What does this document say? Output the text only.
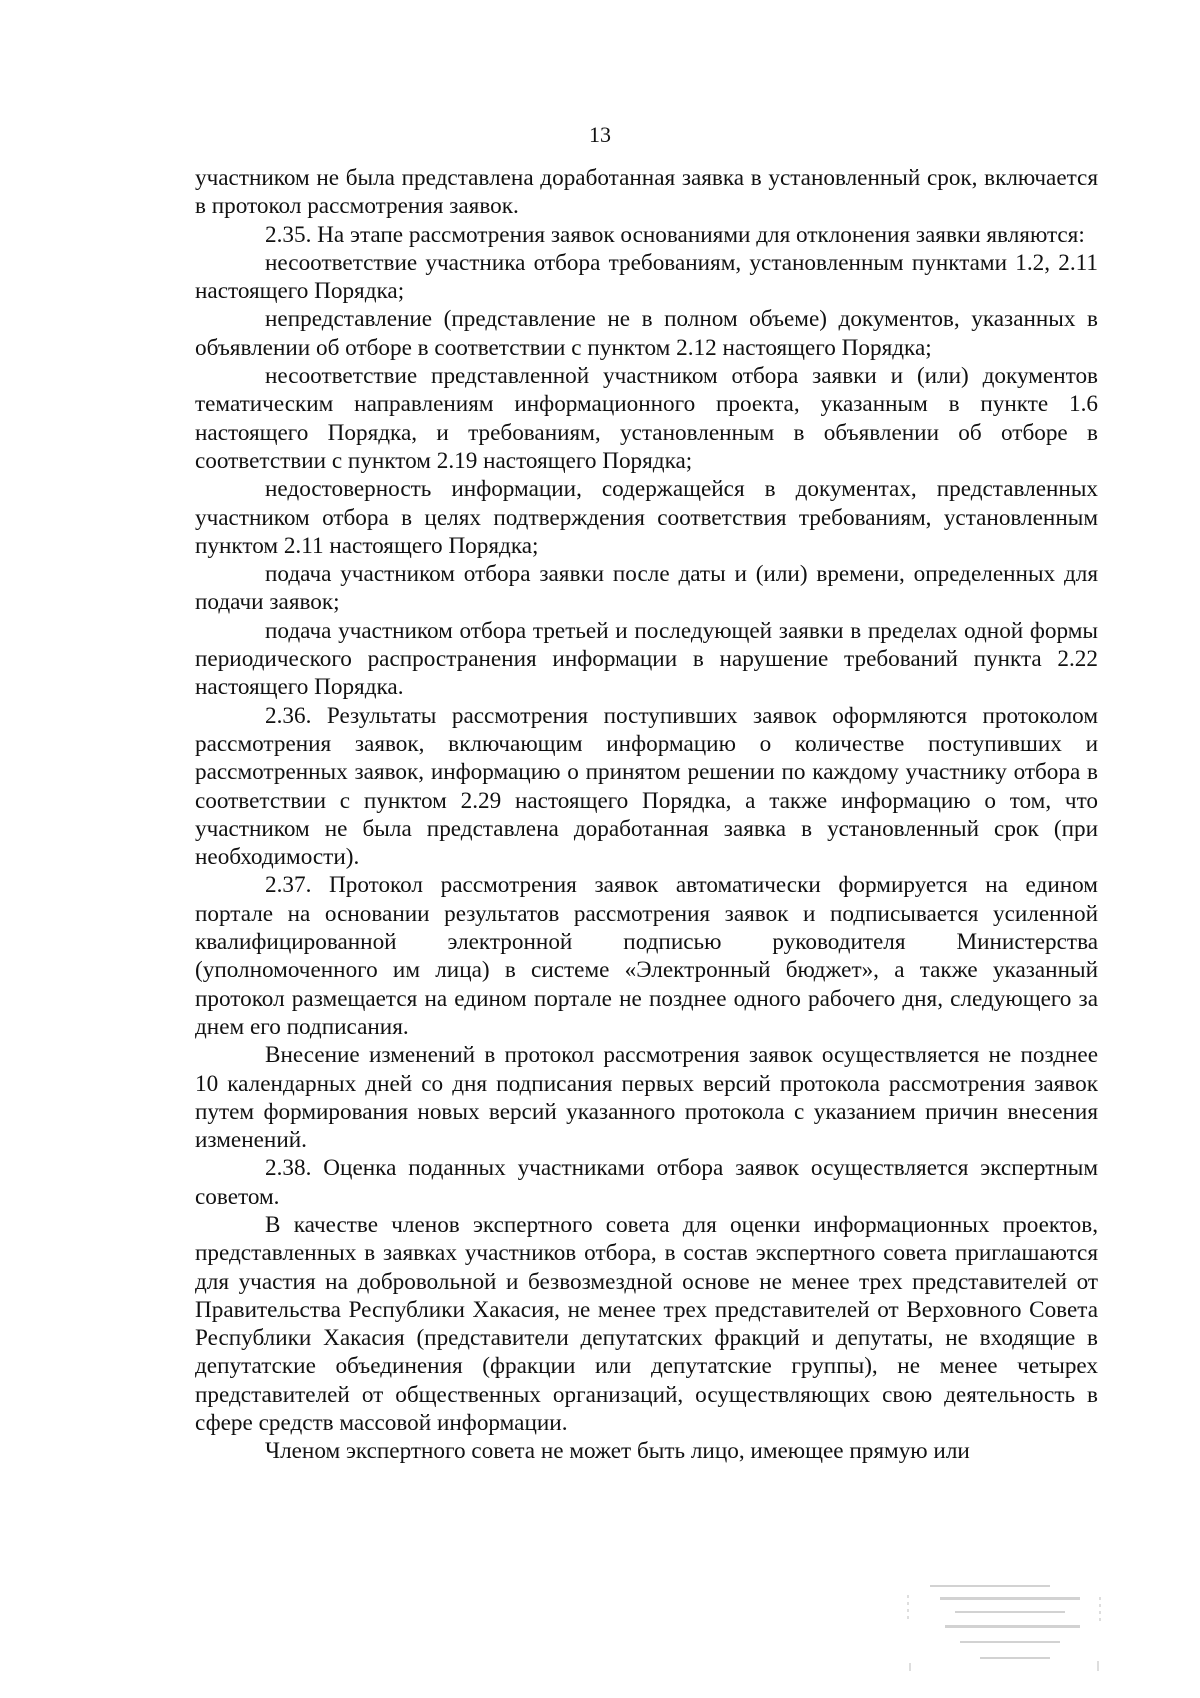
13

участником не была представлена доработанная заявка в установленный срок, включается в протокол рассмотрения заявок.

2.35. На этапе рассмотрения заявок основаниями для отклонения заявки являются:

несоответствие участника отбора требованиям, установленным пунктами 1.2, 2.11 настоящего Порядка;

непредставление (представление не в полном объеме) документов, указанных в объявлении об отборе в соответствии с пунктом 2.12 настоящего Порядка;

несоответствие представленной участником отбора заявки и (или) документов тематическим направлениям информационного проекта, указанным в пункте 1.6 настоящего Порядка, и требованиям, установленным в объявлении об отборе в соответствии с пунктом 2.19 настоящего Порядка;

недостоверность информации, содержащейся в документах, представленных участником отбора в целях подтверждения соответствия требованиям, установленным пунктом 2.11 настоящего Порядка;

подача участником отбора заявки после даты и (или) времени, определенных для подачи заявок;

подача участником отбора третьей и последующей заявки в пределах одной формы периодического распространения информации в нарушение требований пункта 2.22 настоящего Порядка.

2.36. Результаты рассмотрения поступивших заявок оформляются протоколом рассмотрения заявок, включающим информацию о количестве поступивших и рассмотренных заявок, информацию о принятом решении по каждому участнику отбора в соответствии с пунктом 2.29 настоящего Порядка, а также информацию о том, что участником не была представлена доработанная заявка в установленный срок (при необходимости).

2.37. Протокол рассмотрения заявок автоматически формируется на едином портале на основании результатов рассмотрения заявок и подписывается усиленной квалифицированной электронной подписью руководителя Министерства (уполномоченного им лица) в системе «Электронный бюджет», а также указанный протокол размещается на едином портале не позднее одного рабочего дня, следующего за днем его подписания.

Внесение изменений в протокол рассмотрения заявок осуществляется не позднее 10 календарных дней со дня подписания первых версий протокола рассмотрения заявок путем формирования новых версий указанного протокола с указанием причин внесения изменений.

2.38. Оценка поданных участниками отбора заявок осуществляется экспертным советом.

В качестве членов экспертного совета для оценки информационных проектов, представленных в заявках участников отбора, в состав экспертного совета приглашаются для участия на добровольной и безвозмездной основе не менее трех представителей от Правительства Республики Хакасия, не менее трех представителей от Верховного Совета Республики Хакасия (представители депутатских фракций и депутаты, не входящие в депутатские объединения (фракции или депутатские группы), не менее четырех представителей от общественных организаций, осуществляющих свою деятельность в сфере средств массовой информации.

Членом экспертного совета не может быть лицо, имеющее прямую или
